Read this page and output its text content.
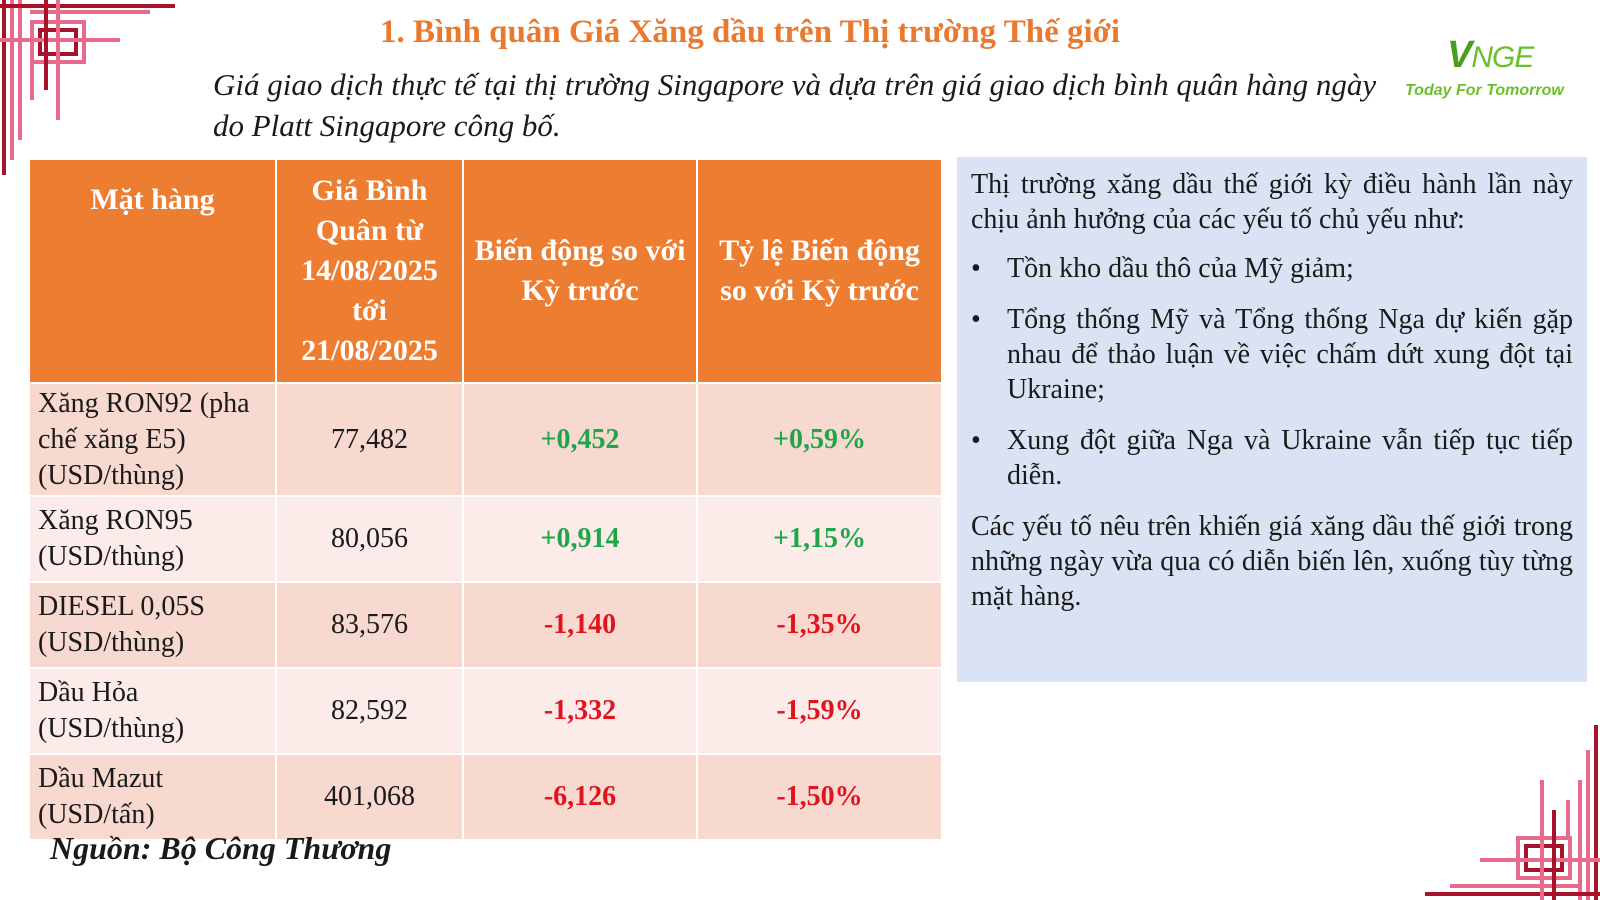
1. Bình quân Giá Xăng dầu trên Thị trường Thế giới
Giá giao dịch thực tế tại thị trường Singapore và dựa trên giá giao dịch bình quân hàng ngày do Platt Singapore công bố.
VNGE
Today For Tomorrow
Mặt hàng	Giá Bình Quân từ 14/08/2025 tới 21/08/2025	Biến động so với Kỳ trước	Tỷ lệ Biến động so với Kỳ trước
Xăng RON92 (pha chế xăng E5) (USD/thùng)	77,482	+0,452	+0,59%
Xăng RON95 (USD/thùng)	80,056	+0,914	+1,15%
DIESEL 0,05S (USD/thùng)	83,576	-1,140	-1,35%
Dầu Hỏa (USD/thùng)	82,592	-1,332	-1,59%
Dầu Mazut (USD/tấn)	401,068	-6,126	-1,50%
Nguồn: Bộ Công Thương

Thị trường xăng dầu thế giới kỳ điều hành lần này chịu ảnh hưởng của các yếu tố chủ yếu như:

• Tồn kho dầu thô của Mỹ giảm;
• Tổng thống Mỹ và Tổng thống Nga dự kiến gặp nhau để thảo luận về việc chấm dứt xung đột tại Ukraine;
• Xung đột giữa Nga và Ukraine vẫn tiếp tục tiếp diễn.

Các yếu tố nêu trên khiến giá xăng dầu thế giới trong những ngày vừa qua có diễn biến lên, xuống tùy từng mặt hàng.
